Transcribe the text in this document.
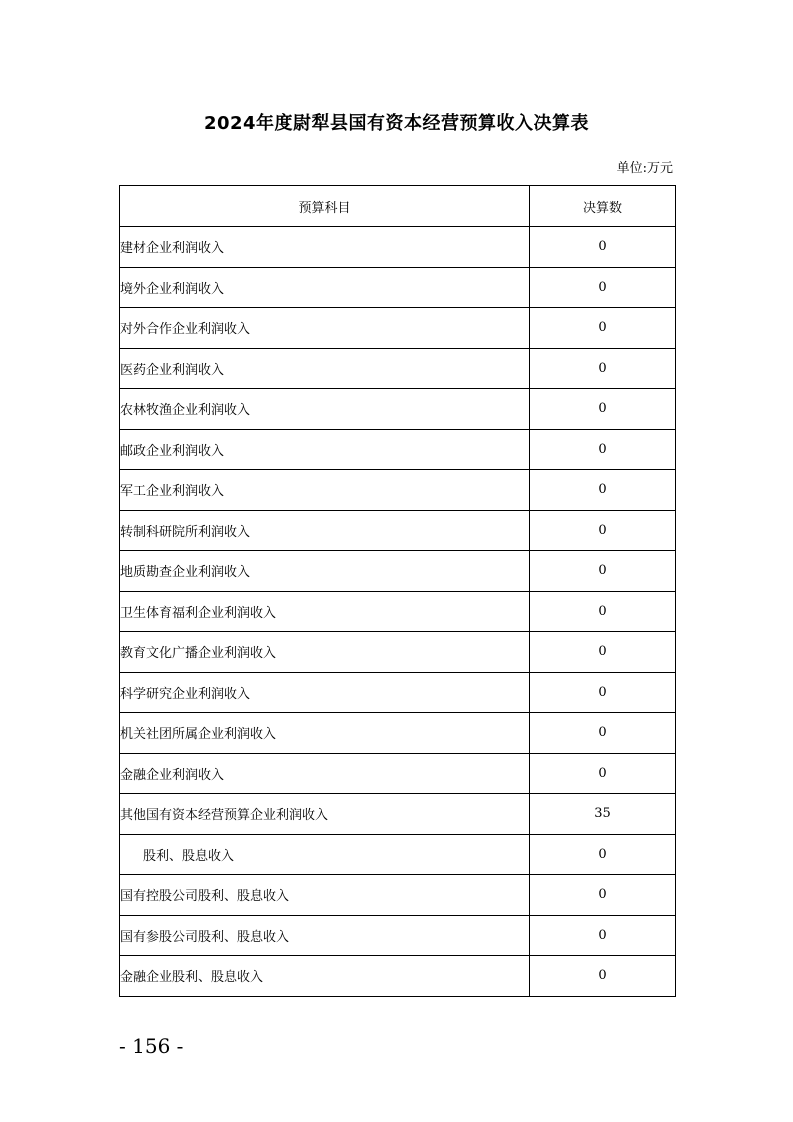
2024年度尉犁县国有资本经营预算收入决算表
单位:万元
预算科目	决算数
建材企业利润收入	0
境外企业利润收入	0
对外合作企业利润收入	0
医药企业利润收入	0
农林牧渔企业利润收入	0
邮政企业利润收入	0
军工企业利润收入	0
转制科研院所利润收入	0
地质勘查企业利润收入	0
卫生体育福利企业利润收入	0
教育文化广播企业利润收入	0
科学研究企业利润收入	0
机关社团所属企业利润收入	0
金融企业利润收入	0
其他国有资本经营预算企业利润收入	35
股利、股息收入	0
国有控股公司股利、股息收入	0
国有参股公司股利、股息收入	0
金融企业股利、股息收入	0
- 156 -
